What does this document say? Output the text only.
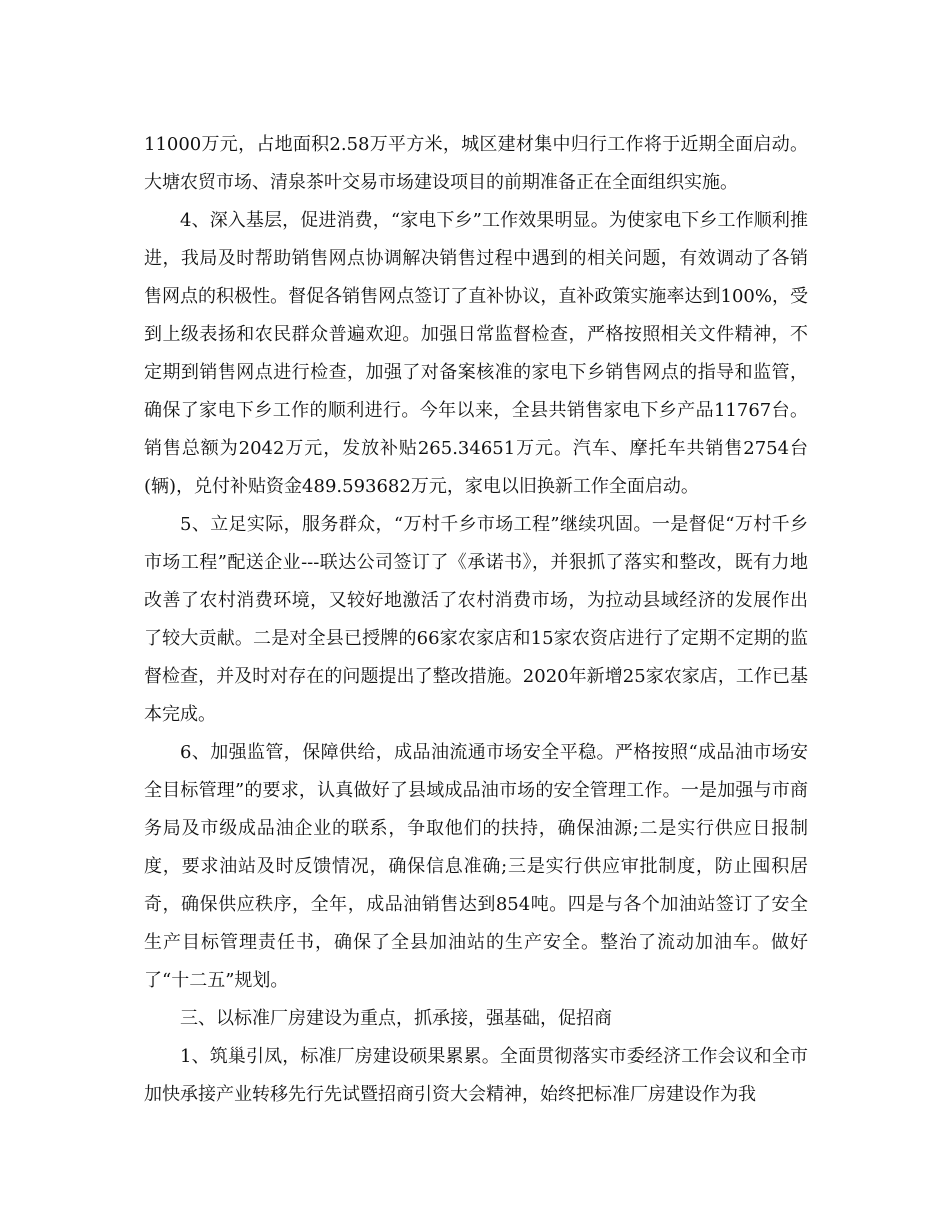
11000万元，占地面积2.58万平方米，城区建材集中归行工作将于近期全面启动。大塘农贸市场、清泉茶叶交易市场建设项目的前期准备正在全面组织实施。

4、深入基层，促进消费，“家电下乡”工作效果明显。为使家电下乡工作顺利推进，我局及时帮助销售网点协调解决销售过程中遇到的相关问题，有效调动了各销售网点的积极性。督促各销售网点签订了直补协议，直补政策实施率达到100%，受到上级表扬和农民群众普遍欢迎。加强日常监督检查，严格按照相关文件精神，不定期到销售网点进行检查，加强了对备案核准的家电下乡销售网点的指导和监管，确保了家电下乡工作的顺利进行。今年以来，全县共销售家电下乡产品11767台。销售总额为2042万元，发放补贴265.34651万元。汽车、摩托车共销售2754台(辆)，兑付补贴资金489.593682万元，家电以旧换新工作全面启动。

5、立足实际，服务群众，“万村千乡市场工程”继续巩固。一是督促“万村千乡市场工程”配送企业---联达公司签订了《承诺书》，并狠抓了落实和整改，既有力地改善了农村消费环境，又较好地激活了农村消费市场，为拉动县域经济的发展作出了较大贡献。二是对全县已授牌的66家农家店和15家农资店进行了定期不定期的监督检查，并及时对存在的问题提出了整改措施。2020年新增25家农家店，工作已基本完成。

6、加强监管，保障供给，成品油流通市场安全平稳。严格按照“成品油市场安全目标管理”的要求，认真做好了县域成品油市场的安全管理工作。一是加强与市商务局及市级成品油企业的联系，争取他们的扶持，确保油源;二是实行供应日报制度，要求油站及时反馈情况，确保信息准确;三是实行供应审批制度，防止囤积居奇，确保供应秩序，全年，成品油销售达到854吨。四是与各个加油站签订了安全生产目标管理责任书，确保了全县加油站的生产安全。整治了流动加油车。做好了“十二五”规划。

三、以标准厂房建设为重点，抓承接，强基础，促招商

1、筑巢引凤，标准厂房建设硕果累累。全面贯彻落实市委经济工作会议和全市加快承接产业转移先行先试暨招商引资大会精神，始终把标准厂房建设作为我
